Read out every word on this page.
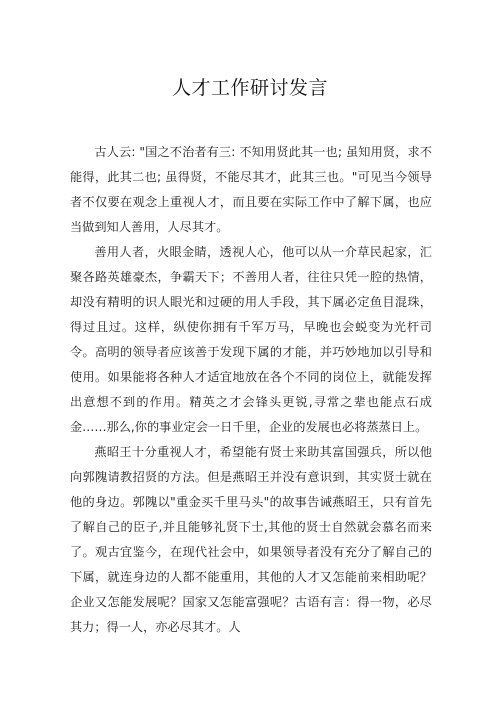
人才工作研讨发言

古人云: "国之不治者有三: 不知用贤此其一也; 虽知用贤，求不能得，此其二也; 虽得贤，不能尽其才，此其三也。"可见当今领导者不仅要在观念上重视人才，而且要在实际工作中了解下属，也应当做到知人善用，人尽其才。

善用人者，火眼金睛，透视人心，他可以从一介草民起家，汇聚各路英雄豪杰，争霸天下；不善用人者，往往只凭一腔的热情，却没有精明的识人眼光和过硬的用人手段，其下属必定鱼目混珠，得过且过。这样，纵使你拥有千军万马，早晚也会蜕变为光杆司令。高明的领导者应该善于发现下属的才能，并巧妙地加以引导和使用。如果能将各种人才适宜地放在各个不同的岗位上，就能发挥出意想不到的作用。精英之才会锋头更锐,寻常之辈也能点石成金……那么,你的事业定会一日千里，企业的发展也必将蒸蒸日上。

燕昭王十分重视人才，希望能有贤士来助其富国强兵，所以他向郭隗请教招贤的方法。但是燕昭王并没有意识到，其实贤士就在他的身边。郭隗以"重金买千里马头"的故事告诫燕昭王，只有首先了解自己的臣子,并且能够礼贤下士,其他的贤士自然就会慕名而来了。观古宜鉴今，在现代社会中，如果领导者没有充分了解自己的下属，就连身边的人都不能重用，其他的人才又怎能前来相助呢？企业又怎能发展呢？国家又怎能富强呢？古语有言：得一物，必尽其力；得一人，亦必尽其才。人
